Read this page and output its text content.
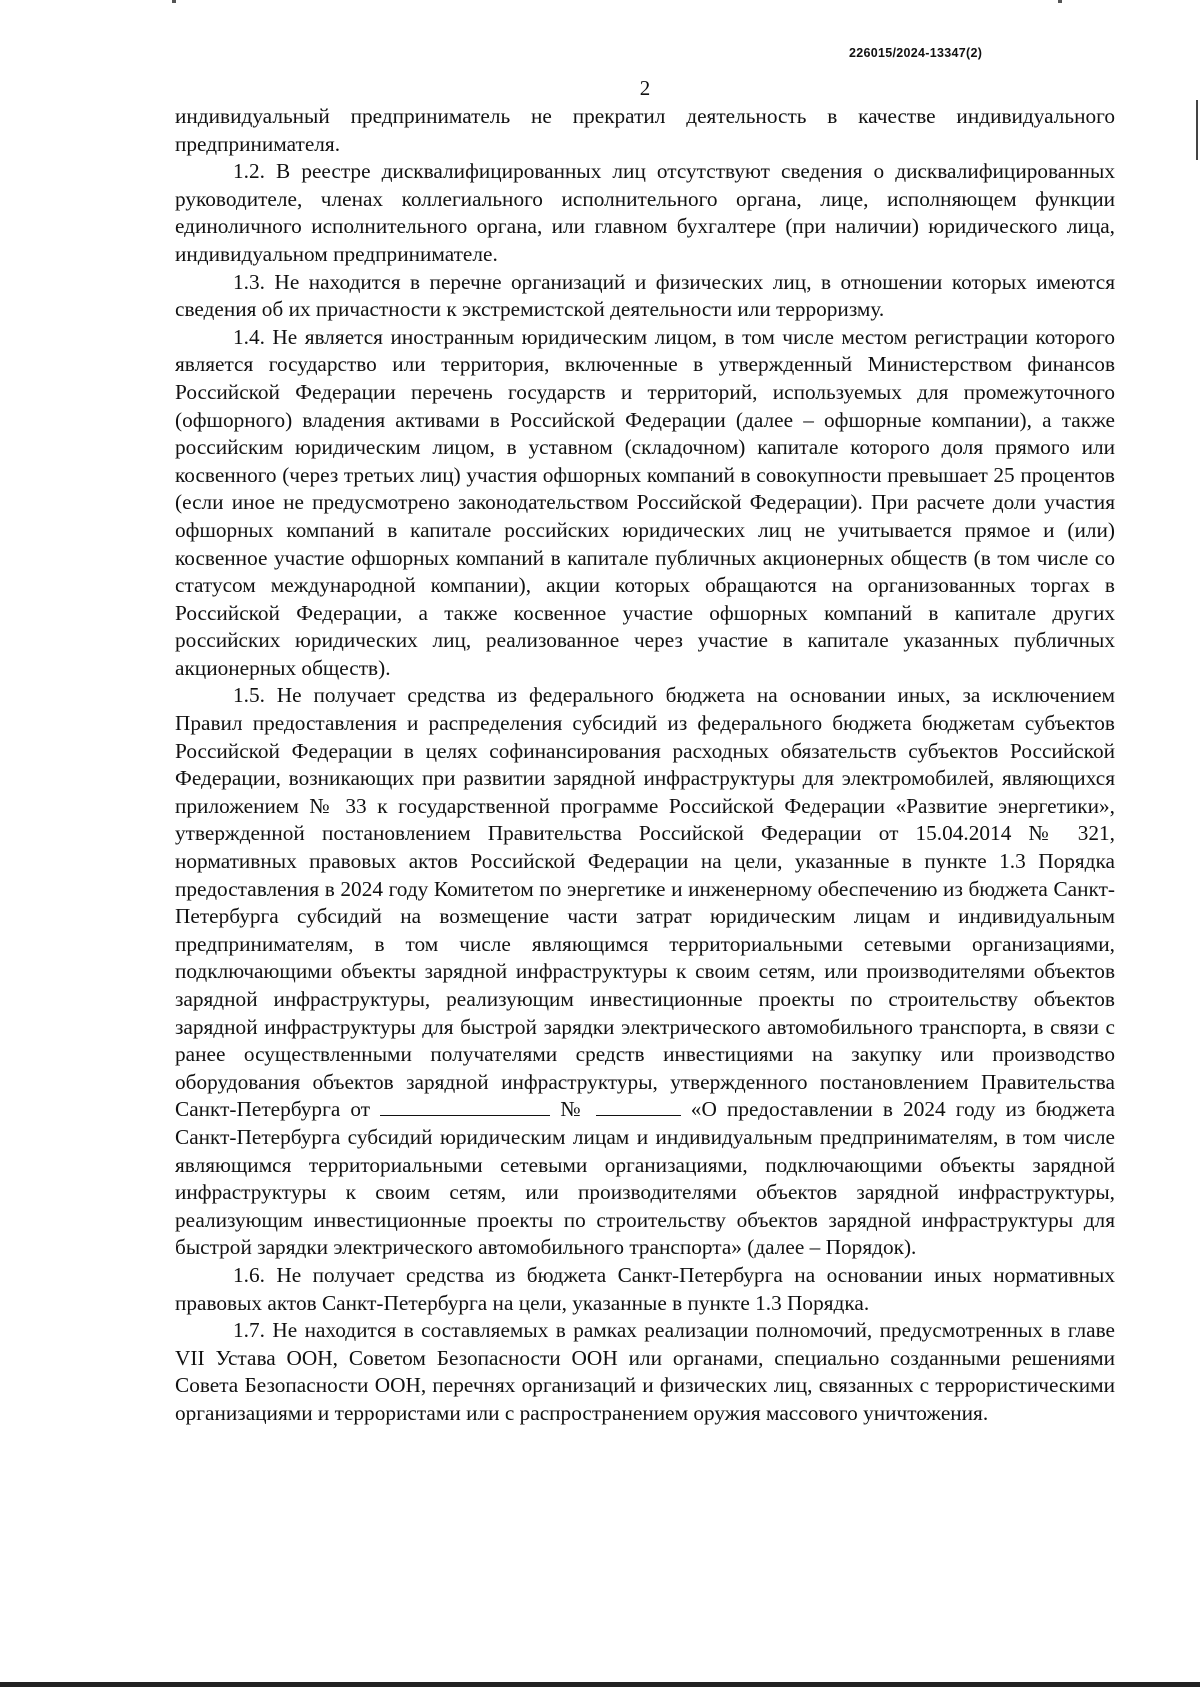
226015/2024-13347(2)
2

индивидуальный предприниматель не прекратил деятельность в качестве индивидуального предпринимателя.

1.2. В реестре дисквалифицированных лиц отсутствуют сведения о дисквалифицированных руководителе, членах коллегиального исполнительного органа, лице, исполняющем функции единоличного исполнительного органа, или главном бухгалтере (при наличии) юридического лица, индивидуальном предпринимателе.

1.3. Не находится в перечне организаций и физических лиц, в отношении которых имеются сведения об их причастности к экстремистской деятельности или терроризму.

1.4. Не является иностранным юридическим лицом, в том числе местом регистрации которого является государство или территория, включенные в утвержденный Министерством финансов Российской Федерации перечень государств и территорий, используемых для промежуточного (офшорного) владения активами в Российской Федерации (далее – офшорные компании), а также российским юридическим лицом, в уставном (складочном) капитале которого доля прямого или косвенного (через третьих лиц) участия офшорных компаний в совокупности превышает 25 процентов (если иное не предусмотрено законодательством Российской Федерации). При расчете доли участия офшорных компаний в капитале российских юридических лиц не учитывается прямое и (или) косвенное участие офшорных компаний в капитале публичных акционерных обществ (в том числе со статусом международной компании), акции которых обращаются на организованных торгах в Российской Федерации, а также косвенное участие офшорных компаний в капитале других российских юридических лиц, реализованное через участие в капитале указанных публичных акционерных обществ).

1.5. Не получает средства из федерального бюджета на основании иных, за исключением Правил предоставления и распределения субсидий из федерального бюджета бюджетам субъектов Российской Федерации в целях софинансирования расходных обязательств субъектов Российской Федерации, возникающих при развитии зарядной инфраструктуры для электромобилей, являющихся приложением № 33 к государственной программе Российской Федерации «Развитие энергетики», утвержденной постановлением Правительства Российской Федерации от 15.04.2014 № 321, нормативных правовых актов Российской Федерации на цели, указанные в пункте 1.3 Порядка предоставления в 2024 году Комитетом по энергетике и инженерному обеспечению из бюджета Санкт-Петербурга субсидий на возмещение части затрат юридическим лицам и индивидуальным предпринимателям, в том числе являющимся территориальными сетевыми организациями, подключающими объекты зарядной инфраструктуры к своим сетям, или производителями объектов зарядной инфраструктуры, реализующим инвестиционные проекты по строительству объектов зарядной инфраструктуры для быстрой зарядки электрического автомобильного транспорта, в связи с ранее осуществленными получателями средств инвестициями на закупку или производство оборудования объектов зарядной инфраструктуры, утвержденного постановлением Правительства Санкт-Петербурга от	№	«О предоставлении в 2024 году из бюджета Санкт-Петербурга субсидий юридическим лицам и индивидуальным предпринимателям, в том числе являющимся территориальными сетевыми организациями, подключающими объекты зарядной инфраструктуры к своим сетям, или производителями объектов зарядной инфраструктуры, реализующим инвестиционные проекты по строительству объектов зарядной инфраструктуры для быстрой зарядки электрического автомобильного транспорта» (далее – Порядок).

1.6. Не получает средства из бюджета Санкт-Петербурга на основании иных нормативных правовых актов Санкт-Петербурга на цели, указанные в пункте 1.3 Порядка.

1.7. Не находится в составляемых в рамках реализации полномочий, предусмотренных в главе VII Устава ООН, Советом Безопасности ООН или органами, специально созданными решениями Совета Безопасности ООН, перечнях организаций и физических лиц, связанных с террористическими организациями и террористами или с распространением оружия массового уничтожения.
